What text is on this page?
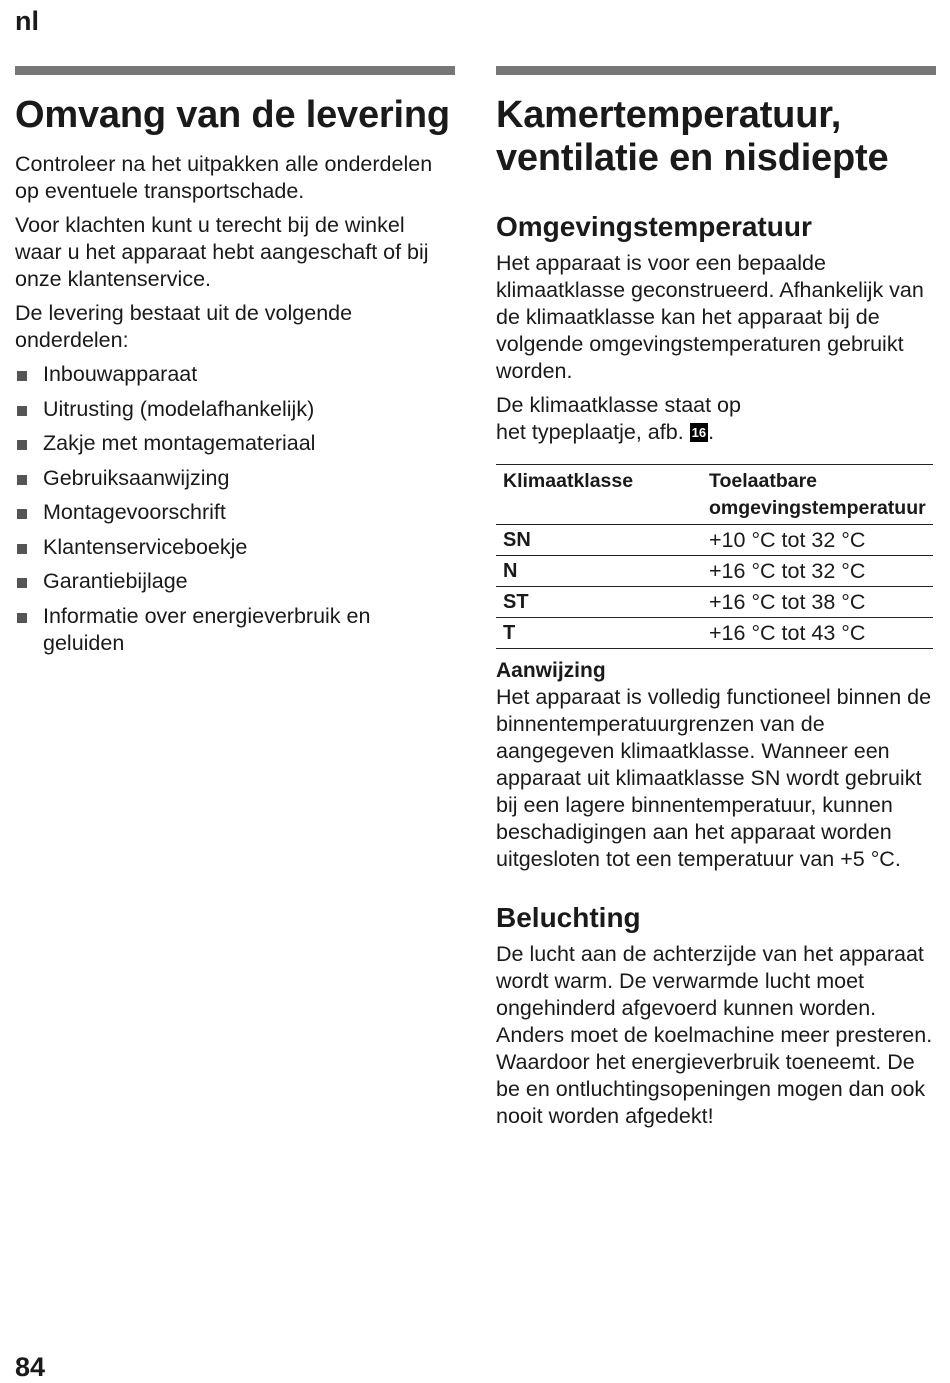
nl
Omvang van de levering

Controleer na het uitpakken alle onderdelen op eventuele transportschade.

Voor klachten kunt u terecht bij de winkel waar u het apparaat hebt aangeschaft of bij onze klantenservice.

De levering bestaat uit de volgende onderdelen:

Inbouwapparaat
Uitrusting (modelafhankelijk)
Zakje met montagemateriaal
Gebruiksaanwijzing
Montagevoorschrift
Klantenserviceboekje
Garantiebijlage
Informatie over energieverbruik en geluiden
Kamertemperatuur, ventilatie en nisdiepte
Omgevingstemperatuur

Het apparaat is voor een bepaalde klimaatklasse geconstrueerd. Afhankelijk van de klimaatklasse kan het apparaat bij de volgende omgevingstemperaturen gebruikt worden.

De klimaatklasse staat op
het typeplaatje, afb. 16.

Klimaatklasse	Toelaatbare
omgevingstemperatuur
SN	+10 °C tot 32 °C
N	+16 °C tot 32 °C
ST	+16 °C tot 38 °C
T	+16 °C tot 43 °C
Aanwijzing

Het apparaat is volledig functioneel binnen de binnentemperatuurgrenzen van de aangegeven klimaatklasse. Wanneer een apparaat uit klimaatklasse SN wordt gebruikt bij een lagere binnentemperatuur, kunnen beschadigingen aan het apparaat worden uitgesloten tot een temperatuur van +5 °C.

Beluchting

De lucht aan de achterzijde van het apparaat wordt warm. De verwarmde lucht moet ongehinderd afgevoerd kunnen worden. Anders moet de koelmachine meer presteren. Waardoor het energieverbruik toeneemt. De be en ontluchtingsopeningen mogen dan ook nooit worden afgedekt!

84
